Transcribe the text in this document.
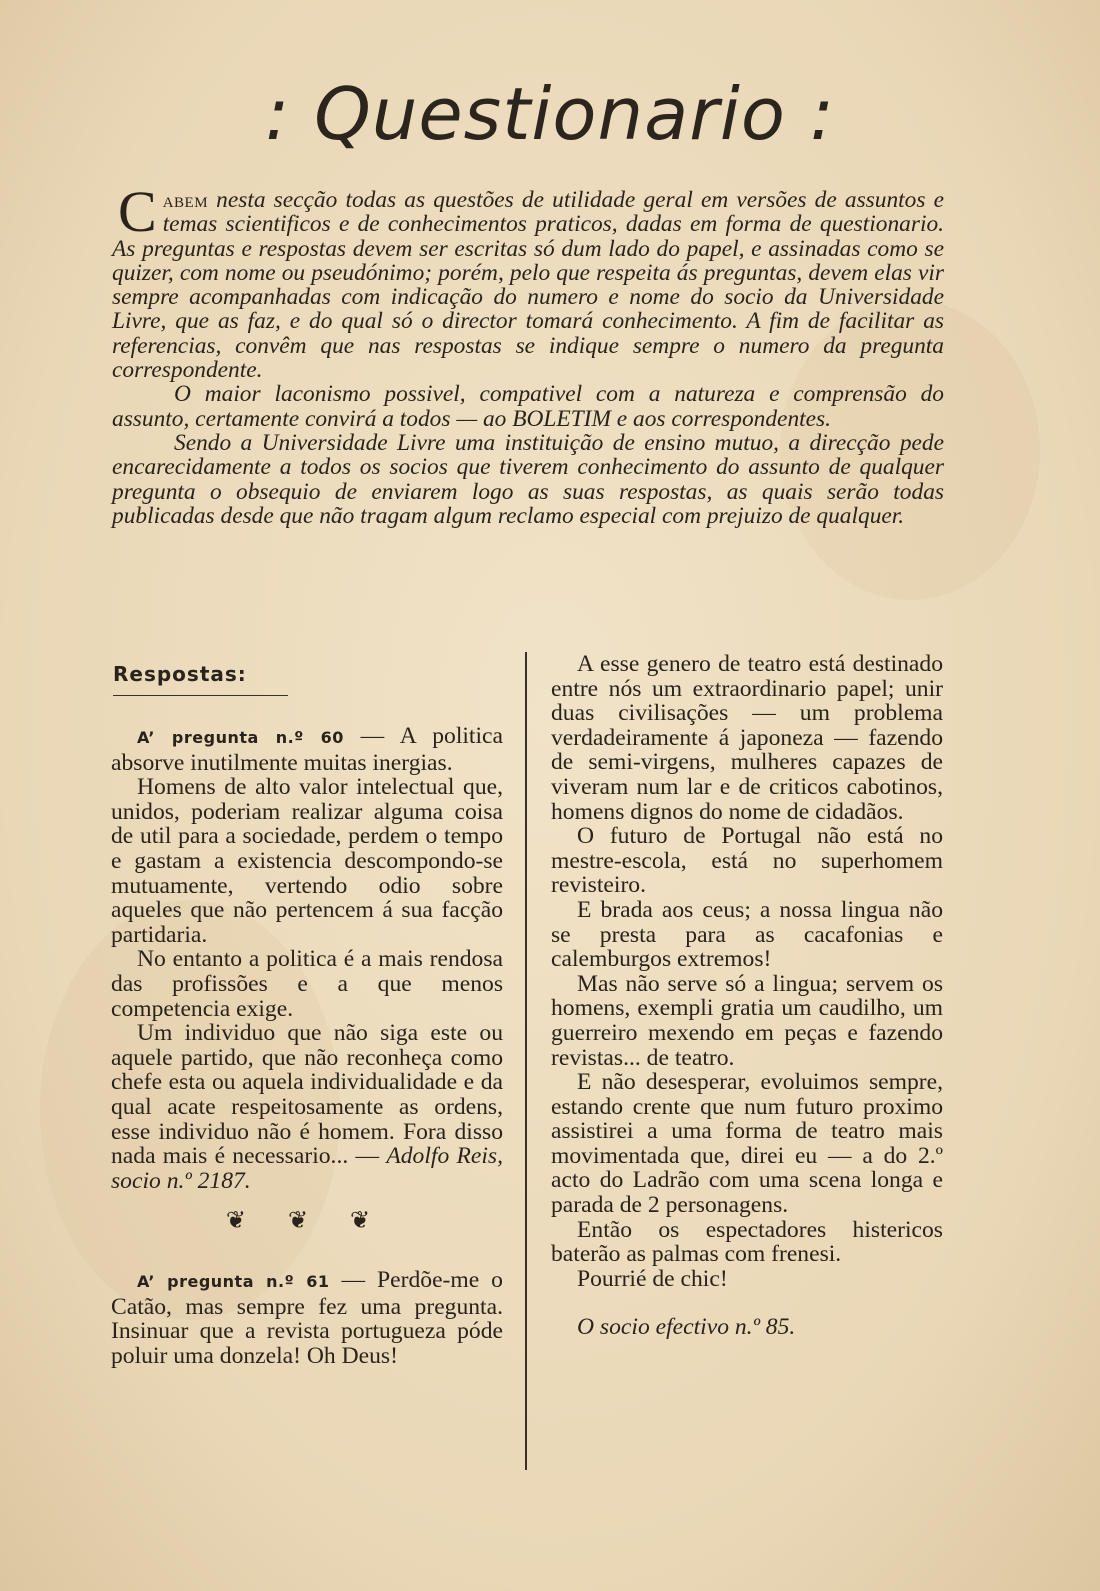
: Questionario :

Cabem nesta secção todas as questões de utilidade geral em versões de assuntos e temas scientificos e de conhecimentos praticos, dadas em forma de questionario. As preguntas e respostas devem ser escritas só dum lado do papel, e assinadas como se quizer, com nome ou pseudónimo; porém, pelo que respeita ás preguntas, devem elas vir sempre acompanhadas com indicação do numero e nome do socio da Universidade Livre, que as faz, e do qual só o director tomará conhecimento. A fim de facilitar as referencias, convêm que nas respostas se indique sempre o numero da pregunta correspondente.

O maior laconismo possivel, compativel com a natureza e comprensão do assunto, certamente convirá a todos — ao BOLETIM e aos correspondentes.

Sendo a Universidade Livre uma instituição de ensino mutuo, a direcção pede encarecidamente a todos os socios que tiverem conhecimento do assunto de qualquer pregunta o obsequio de enviarem logo as suas respostas, as quais serão todas publicadas desde que não tragam algum reclamo especial com prejuizo de qualquer.

Respostas:

A’ pregunta n.º 60 — A politica absorve inutilmente muitas inergias.

Homens de alto valor intelectual que, unidos, poderiam realizar alguma coisa de util para a sociedade, perdem o tempo e gastam a existencia descompondo-se mutuamente, vertendo odio sobre aqueles que não pertencem á sua facção partidaria.

No entanto a politica é a mais rendosa das profissões e a que menos competencia exige.

Um individuo que não siga este ou aquele partido, que não reconheça como chefe esta ou aquela individualidade e da qual acate respeitosamente as ordens, esse individuo não é homem. Fora disso nada mais é necessario... — Adolfo Reis, socio n.º 2187.

❦ ❦ ❦

A’ pregunta n.º 61 — Perdõe-me o Catão, mas sempre fez uma pregunta. Insinuar que a revista portugueza póde poluir uma donzela! Oh Deus!

A esse genero de teatro está destinado entre nós um extraordinario papel; unir duas civilisações — um problema verdadeiramente á japoneza — fazendo de semi-virgens, mulheres capazes de viveram num lar e de criticos cabotinos, homens dignos do nome de cidadãos.

O futuro de Portugal não está no mestre-escola, está no superhomem revisteiro.

E brada aos ceus; a nossa lingua não se presta para as cacafonias e calemburgos extremos!

Mas não serve só a lingua; servem os homens, exempli gratia um caudilho, um guerreiro mexendo em peças e fazendo revistas... de teatro.

E não desesperar, evoluimos sempre, estando crente que num futuro proximo assistirei a uma forma de teatro mais movimentada que, direi eu — a do 2.º acto do Ladrão com uma scena longa e parada de 2 personagens.

Então os espectadores histericos baterão as palmas com frenesi.

Pourrié de chic!

O socio efectivo n.º 85.
